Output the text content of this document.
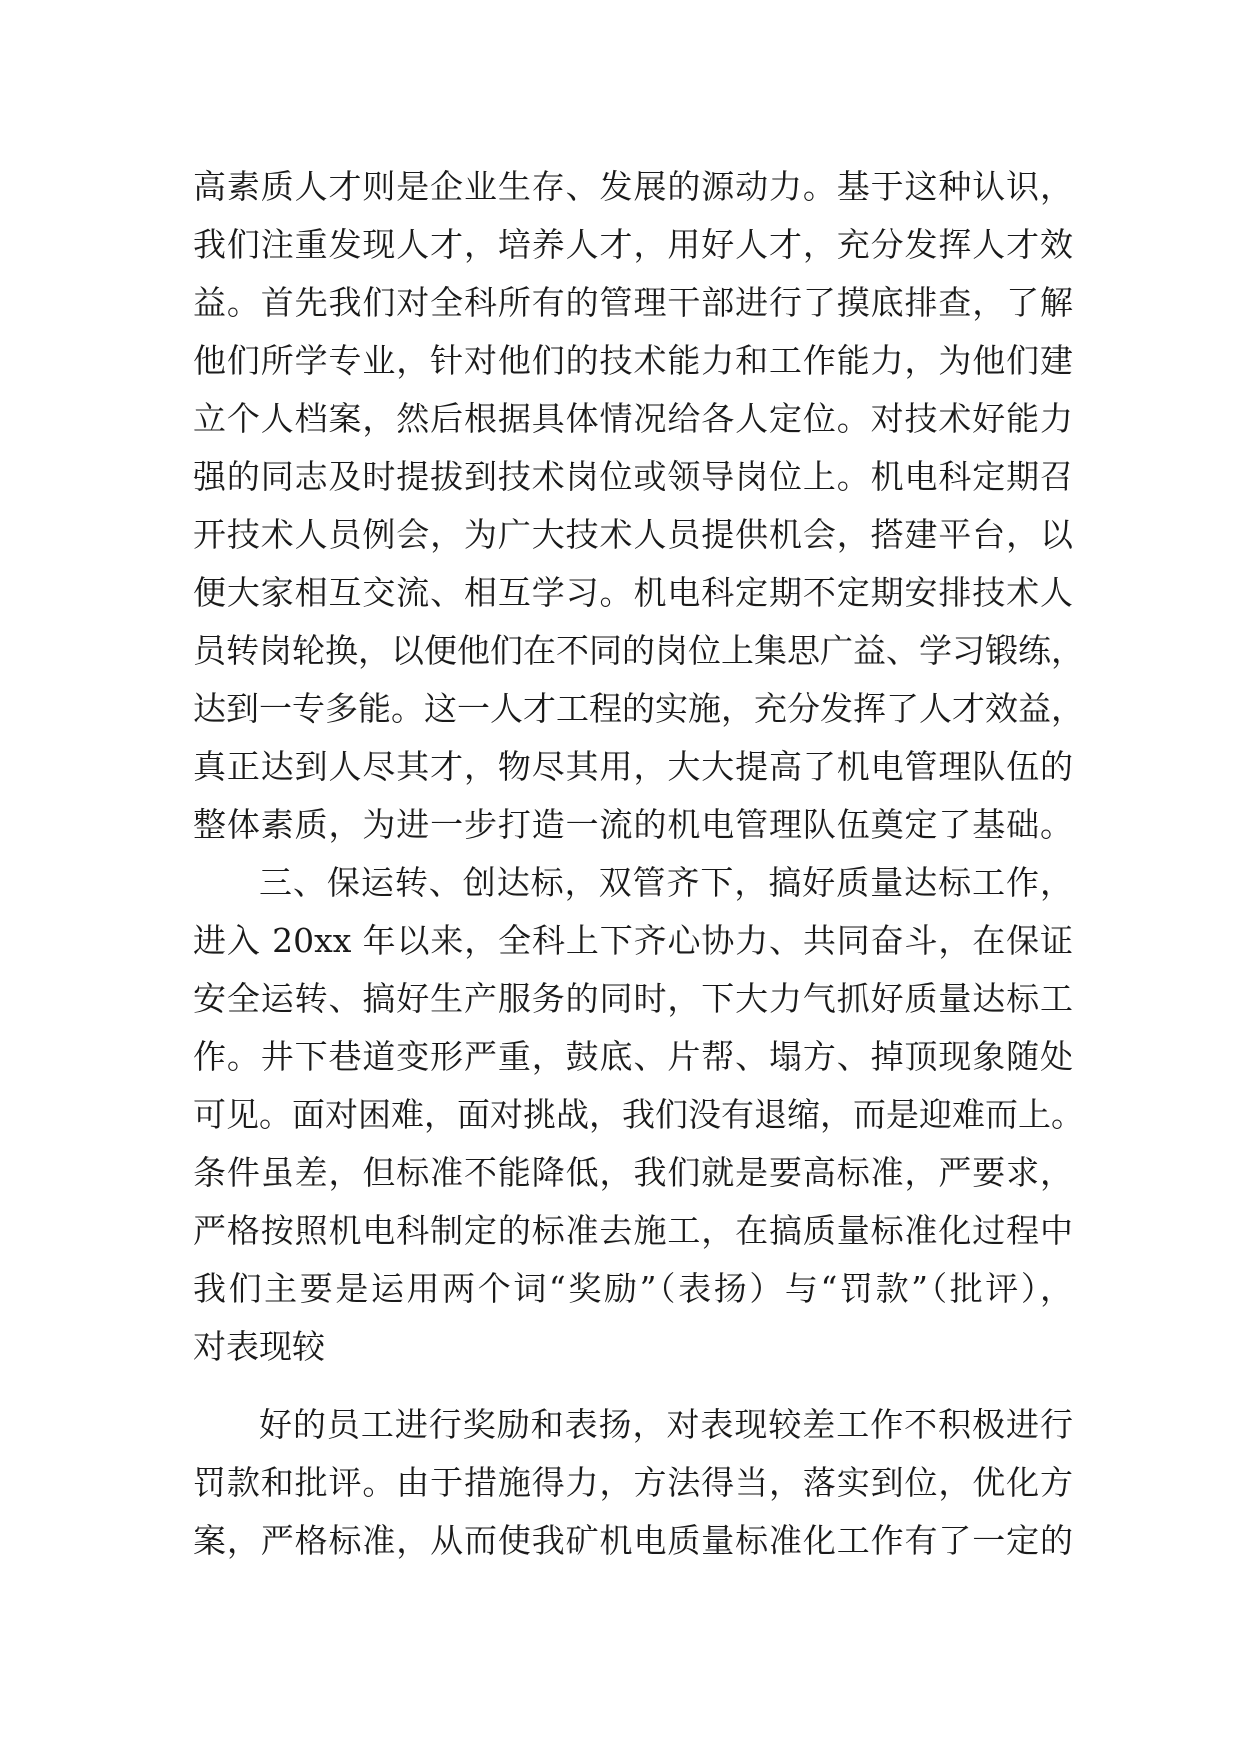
高素质人才则是企业生存、发展的源动力。基于这种认识，
我们注重发现人才，培养人才，用好人才，充分发挥人才效
益。首先我们对全科所有的管理干部进行了摸底排查，了解
他们所学专业，针对他们的技术能力和工作能力，为他们建
立个人档案，然后根据具体情况给各人定位。对技术好能力
强的同志及时提拔到技术岗位或领导岗位上。机电科定期召
开技术人员例会，为广大技术人员提供机会，搭建平台，以
便大家相互交流、相互学习。机电科定期不定期安排技术人
员转岗轮换，以便他们在不同的岗位上集思广益、学习锻练，
达到一专多能。这一人才工程的实施，充分发挥了人才效益，
真正达到人尽其才，物尽其用，大大提高了机电管理队伍的
整体素质，为进一步打造一流的机电管理队伍奠定了基础。
三、保运转、创达标，双管齐下，搞好质量达标工作，
进入 20xx 年以来，全科上下齐心协力、共同奋斗，在保证
安全运转、搞好生产服务的同时，下大力气抓好质量达标工
作。井下巷道变形严重，鼓底、片帮、塌方、掉顶现象随处
可见。面对困难，面对挑战，我们没有退缩，而是迎难而上。
条件虽差，但标准不能降低，我们就是要高标准，严要求，
严格按照机电科制定的标准去施工，在搞质量标准化过程中
我们主要是运用两个词“奖励”（表扬）与“罚款”（批评），
对表现较
好的员工进行奖励和表扬，对表现较差工作不积极进行
罚款和批评。由于措施得力，方法得当，落实到位，优化方
案，严格标准，从而使我矿机电质量标准化工作有了一定的
